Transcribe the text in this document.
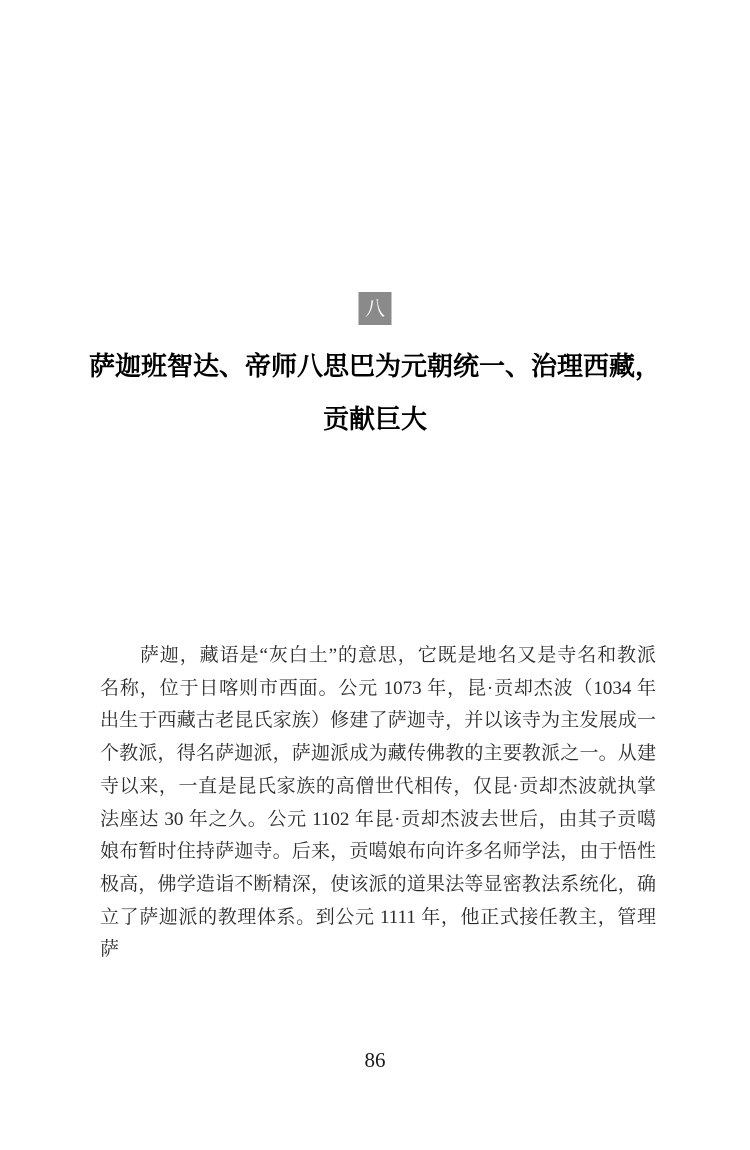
八
萨迦班智达、帝师八思巴为元朝统一、治理西藏，
贡献巨大
　　萨迦，藏语是“灰白土”的意思，它既是地名又是寺名和教派
名称，位于日喀则市西面。公元 1073 年，昆·贡却杰波（1034 年
出生于西藏古老昆氏家族）修建了萨迦寺，并以该寺为主发展成一
个教派，得名萨迦派，萨迦派成为藏传佛教的主要教派之一。从建
寺以来，一直是昆氏家族的高僧世代相传，仅昆·贡却杰波就执掌
法座达 30 年之久。公元 1102 年昆·贡却杰波去世后，由其子贡噶
娘布暂时住持萨迦寺。后来，贡噶娘布向许多名师学法，由于悟性
极高，佛学造诣不断精深，使该派的道果法等显密教法系统化，确
立了萨迦派的教理体系。到公元 1111 年，他正式接任教主，管理萨
86
